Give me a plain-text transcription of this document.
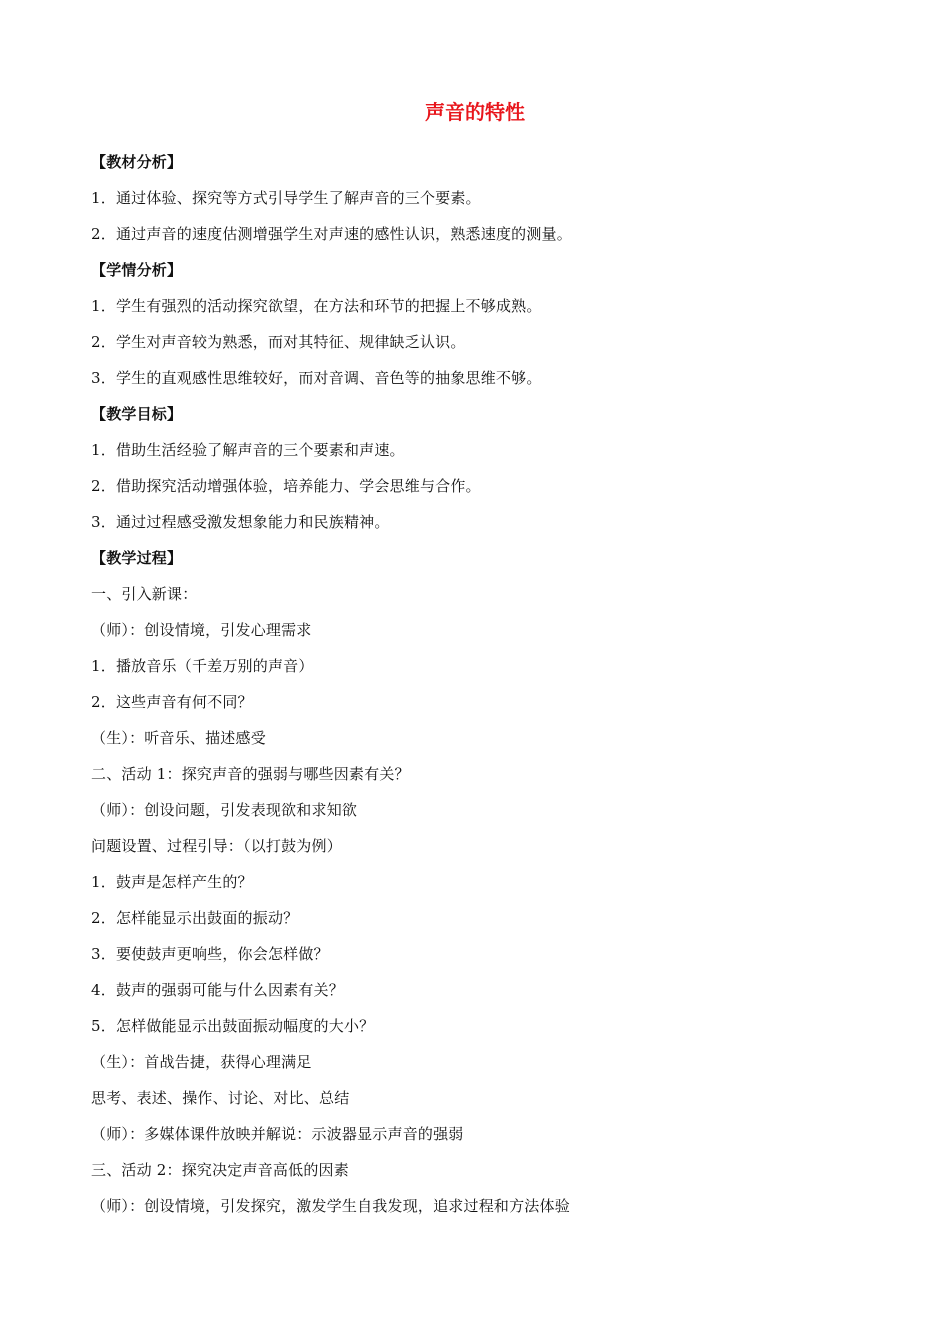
声音的特性
【教材分析】
1．通过体验、探究等方式引导学生了解声音的三个要素。
2．通过声音的速度估测增强学生对声速的感性认识，熟悉速度的测量。
【学情分析】
1．学生有强烈的活动探究欲望，在方法和环节的把握上不够成熟。
2．学生对声音较为熟悉，而对其特征、规律缺乏认识。
3．学生的直观感性思维较好，而对音调、音色等的抽象思维不够。
【教学目标】
1．借助生活经验了解声音的三个要素和声速。
2．借助探究活动增强体验，培养能力、学会思维与合作。
3．通过过程感受激发想象能力和民族精神。
【教学过程】
一、引入新课：
（师）：创设情境，引发心理需求
1．播放音乐（千差万别的声音）
2．这些声音有何不同？
（生）：听音乐、描述感受
二、活动 1：探究声音的强弱与哪些因素有关？
（师）：创设问题，引发表现欲和求知欲
问题设置、过程引导：（以打鼓为例）
1．鼓声是怎样产生的？
2．怎样能显示出鼓面的振动？
3．要使鼓声更响些，你会怎样做？
4．鼓声的强弱可能与什么因素有关？
5．怎样做能显示出鼓面振动幅度的大小？
（生）：首战告捷，获得心理满足
思考、表述、操作、讨论、对比、总结
（师）：多媒体课件放映并解说：示波器显示声音的强弱
三、活动 2：探究决定声音高低的因素
（师）：创设情境，引发探究，激发学生自我发现，追求过程和方法体验
